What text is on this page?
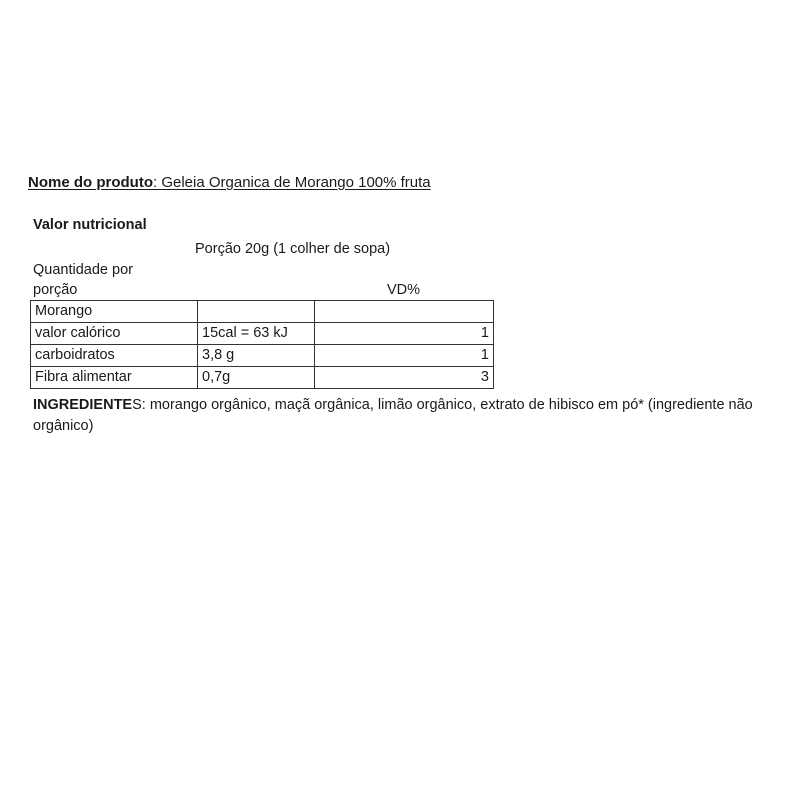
Nome do produto: Geleia Organica de Morango 100% fruta
Valor nutricional
Porção 20g (1 colher de sopa)
Quantidade por
porção	VD%
Morango		
valor calórico	15cal = 63 kJ	1
carboidratos	3,8 g	1
Fibra alimentar	0,7g	3
INGREDIENTES: morango orgânico, maçã orgânica, limão orgânico, extrato de hibisco em pó* (ingrediente não orgânico)
